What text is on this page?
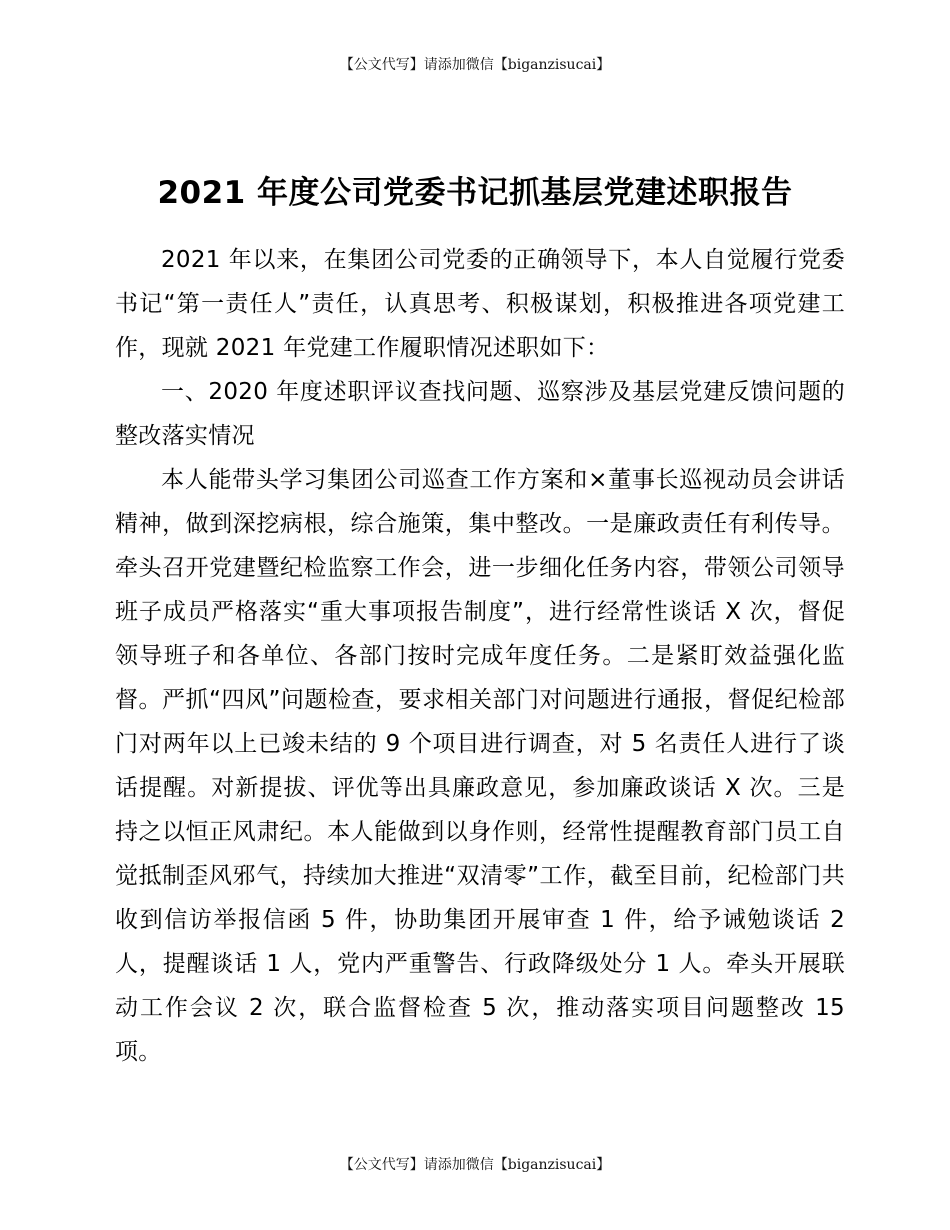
【公文代写】请添加微信【biganzisucai】
2021 年度公司党委书记抓基层党建述职报告

2021 年以来，在集团公司党委的正确领导下，本人自觉履行党委书记“第一责任人”责任，认真思考、积极谋划，积极推进各项党建工作，现就 2021 年党建工作履职情况述职如下：

一、2020 年度述职评议查找问题、巡察涉及基层党建反馈问题的整改落实情况

本人能带头学习集团公司巡查工作方案和×董事长巡视动员会讲话精神，做到深挖病根，综合施策，集中整改。一是廉政责任有利传导。牵头召开党建暨纪检监察工作会，进一步细化任务内容，带领公司领导班子成员严格落实“重大事项报告制度”，进行经常性谈话 X 次，督促领导班子和各单位、各部门按时完成年度任务。二是紧盯效益强化监督。严抓“四风”问题检查，要求相关部门对问题进行通报，督促纪检部门对两年以上已竣未结的 9 个项目进行调查，对 5 名责任人进行了谈话提醒。对新提拔、评优等出具廉政意见，参加廉政谈话 X 次。三是持之以恒正风肃纪。本人能做到以身作则，经常性提醒教育部门员工自觉抵制歪风邪气，持续加大推进“双清零”工作，截至目前，纪检部门共收到信访举报信函 5 件，协助集团开展审查 1 件，给予诫勉谈话 2 人，提醒谈话 1 人，党内严重警告、行政降级处分 1 人。牵头开展联动工作会议 2 次，联合监督检查 5 次，推动落实项目问题整改 15 项。

【公文代写】请添加微信【biganzisucai】
